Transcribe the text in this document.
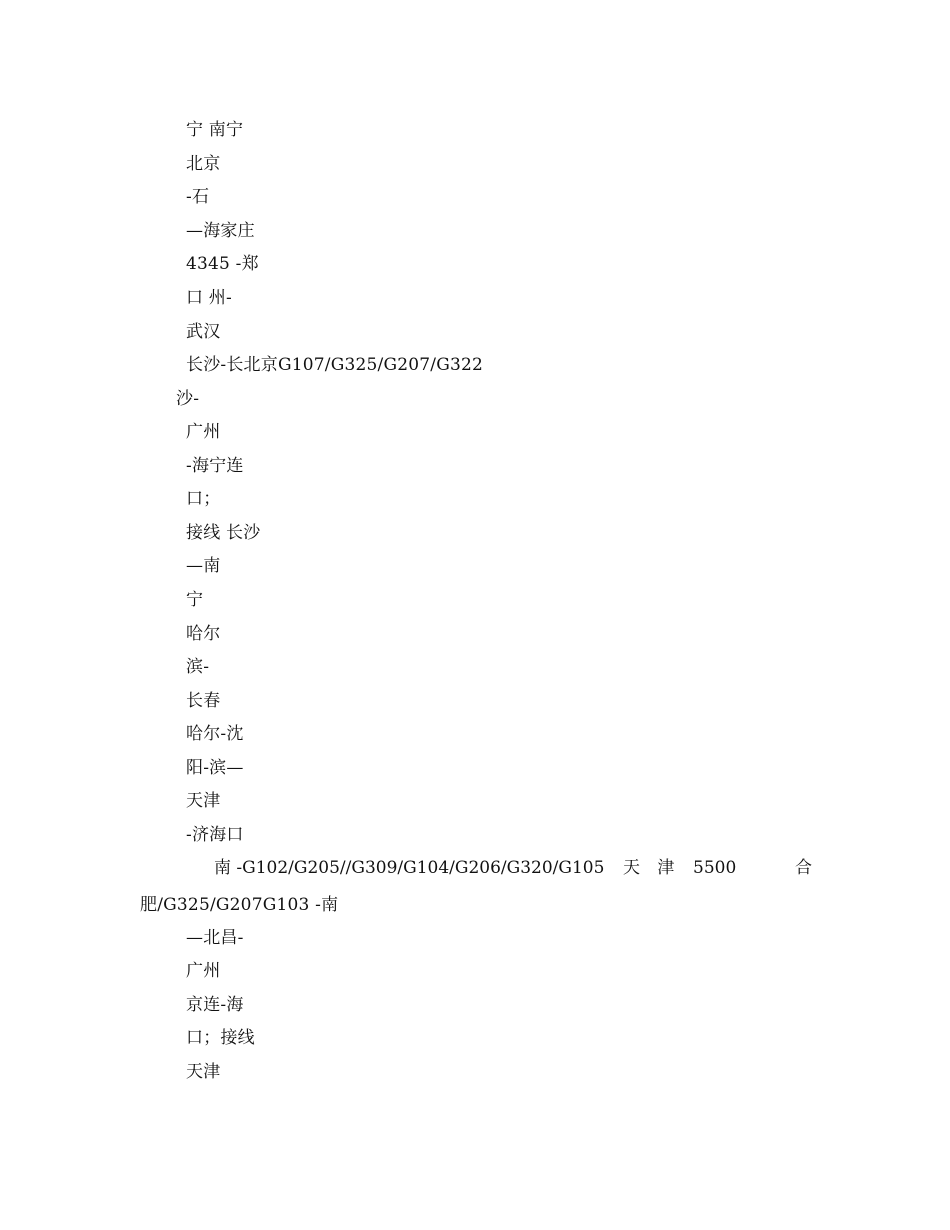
宁 南宁
北京
-石
—海家庄
4345 -郑
口 州-
武汉
长沙-长北京G107/G325/G207/G322
沙-
广州
-海宁连
口；
接线 长沙
—南
宁
哈尔
滨-
长春
哈尔-沈
阳-滨—
天津
-济海口
南 -G102/G205//G309/G104/G206/G320/G105 天 津 5500	合
肥/G325/G207G103 -南
—北昌-
广州
京连-海
口；接线
天津
